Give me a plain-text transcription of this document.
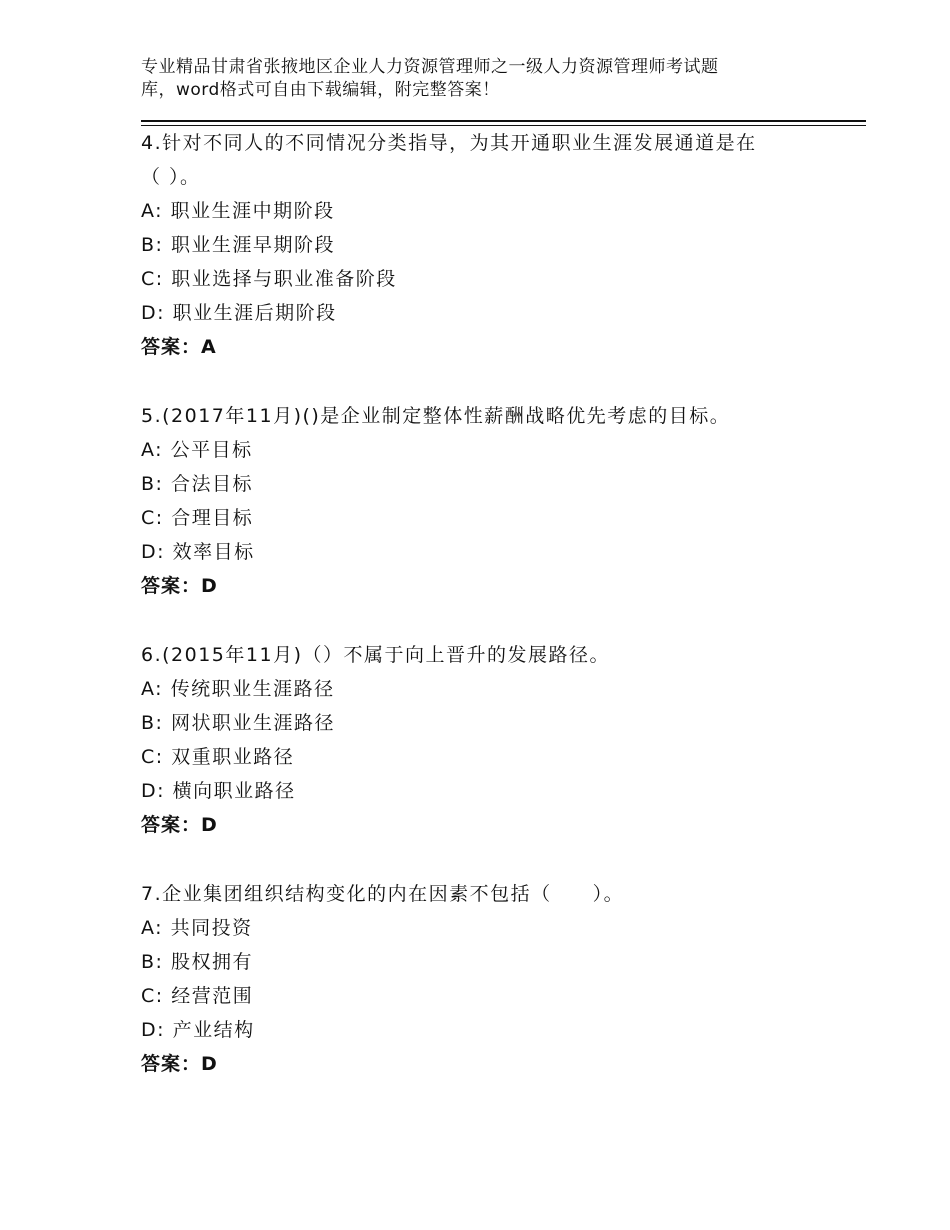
专业精品甘肃省张掖地区企业人力资源管理师之一级人力资源管理师考试题
库，word格式可自由下载编辑，附完整答案！
4.针对不同人的不同情况分类指导，为其开通职业生涯发展通道是在
（ ）。
A: 职业生涯中期阶段
B: 职业生涯早期阶段
C: 职业选择与职业准备阶段
D: 职业生涯后期阶段
答案：A
5.(2017年11月)()是企业制定整体性薪酬战略优先考虑的目标。
A: 公平目标
B: 合法目标
C: 合理目标
D: 效率目标
答案：D
6.(2015年11月)（）不属于向上晋升的发展路径。
A: 传统职业生涯路径
B: 网状职业生涯路径
C: 双重职业路径
D: 横向职业路径
答案：D
7.企业集团组织结构变化的内在因素不包括（　　）。
A: 共同投资
B: 股权拥有
C: 经营范围
D: 产业结构
答案：D
